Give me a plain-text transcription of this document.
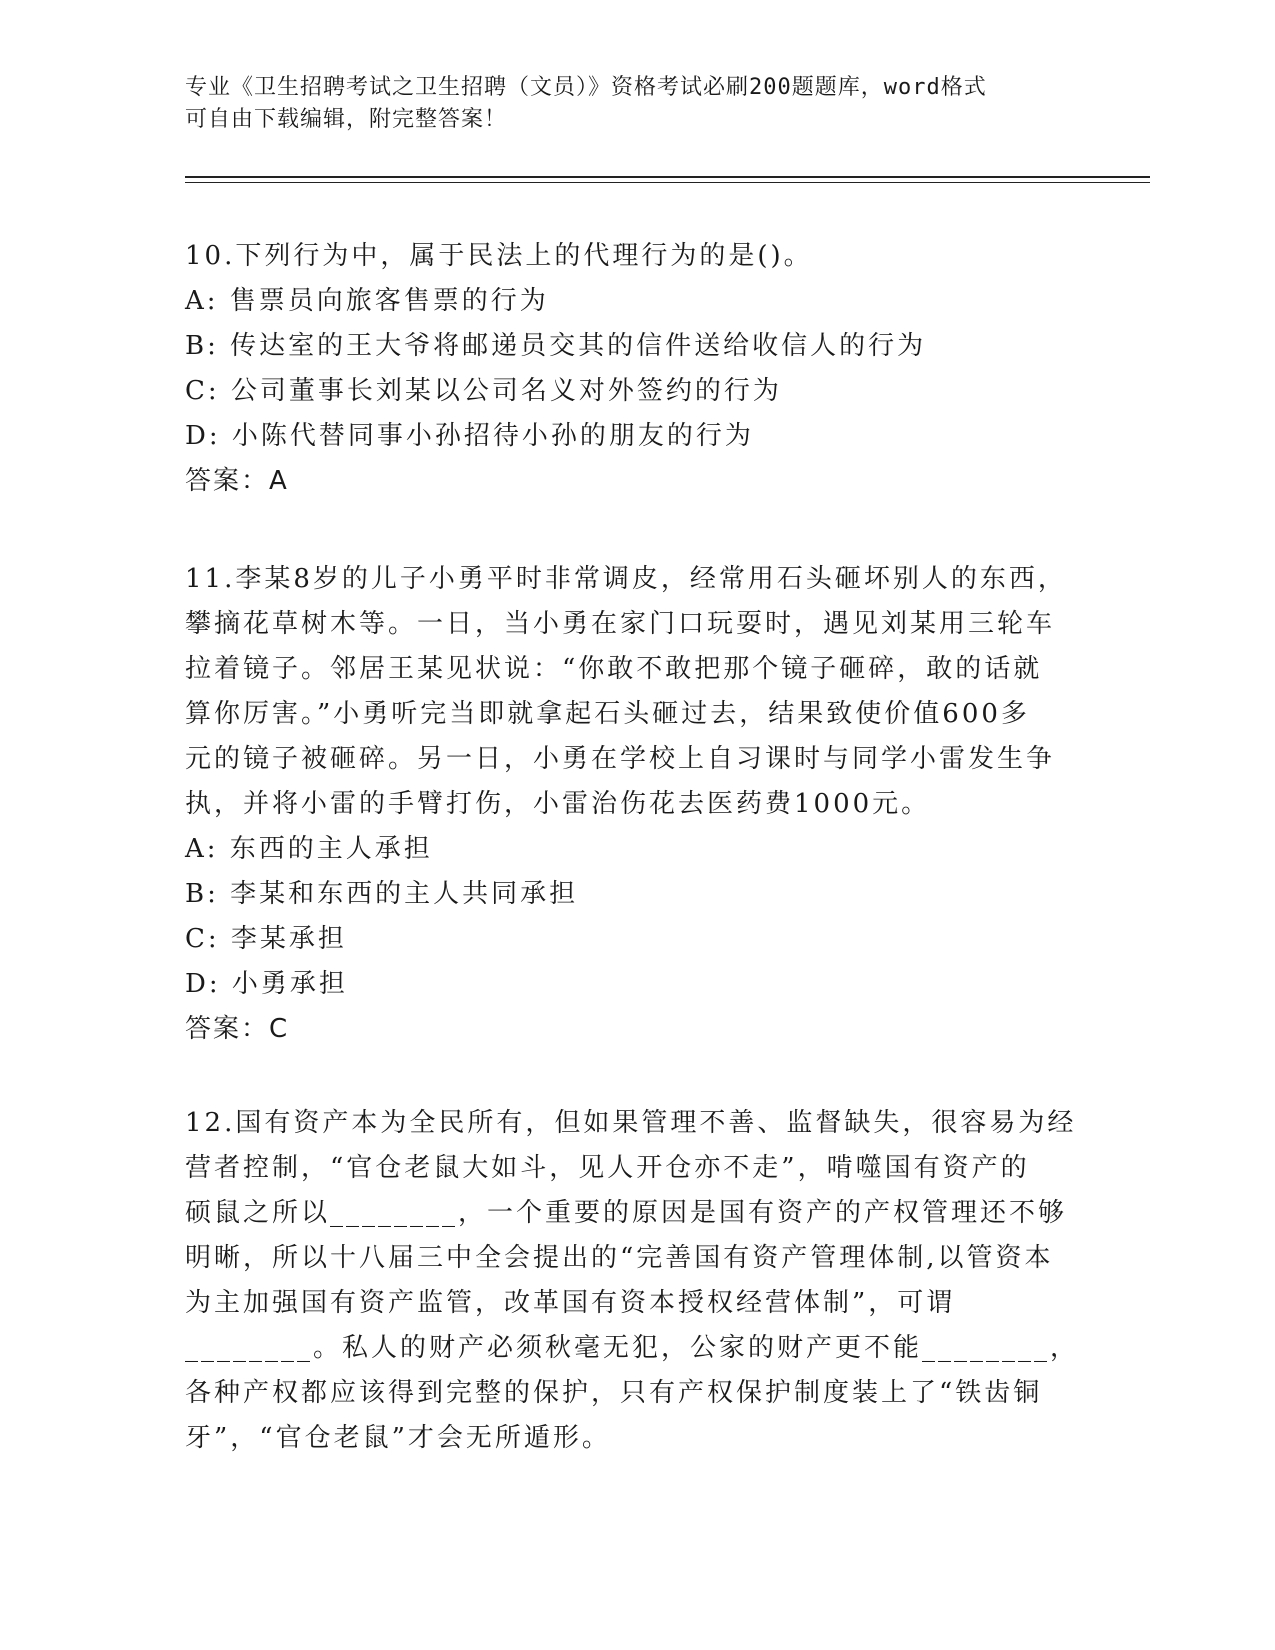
专业《卫生招聘考试之卫生招聘（文员）》资格考试必刷200题题库，word格式
可自由下载编辑，附完整答案！
10.下列行为中，属于民法上的代理行为的是()。
A: 售票员向旅客售票的行为
B: 传达室的王大爷将邮递员交其的信件送给收信人的行为
C: 公司董事长刘某以公司名义对外签约的行为
D: 小陈代替同事小孙招待小孙的朋友的行为
答案：A
11.李某8岁的儿子小勇平时非常调皮，经常用石头砸坏别人的东西，
攀摘花草树木等。一日，当小勇在家门口玩耍时，遇见刘某用三轮车
拉着镜子。邻居王某见状说：“你敢不敢把那个镜子砸碎，敢的话就
算你厉害。”小勇听完当即就拿起石头砸过去，结果致使价值600多
元的镜子被砸碎。另一日，小勇在学校上自习课时与同学小雷发生争
执，并将小雷的手臂打伤，小雷治伤花去医药费1000元。
A: 东西的主人承担
B: 李某和东西的主人共同承担
C: 李某承担
D: 小勇承担
答案：C
12.国有资产本为全民所有，但如果管理不善、监督缺失，很容易为经
营者控制，“官仓老鼠大如斗，见人开仓亦不走”，啃噬国有资产的
硕鼠之所以________，一个重要的原因是国有资产的产权管理还不够
明晰，所以十八届三中全会提出的“完善国有资产管理体制,以管资本
为主加强国有资产监管，改革国有资本授权经营体制”，可谓
________。私人的财产必须秋毫无犯，公家的财产更不能________，
各种产权都应该得到完整的保护，只有产权保护制度装上了“铁齿铜
牙”，“官仓老鼠”才会无所遁形。
